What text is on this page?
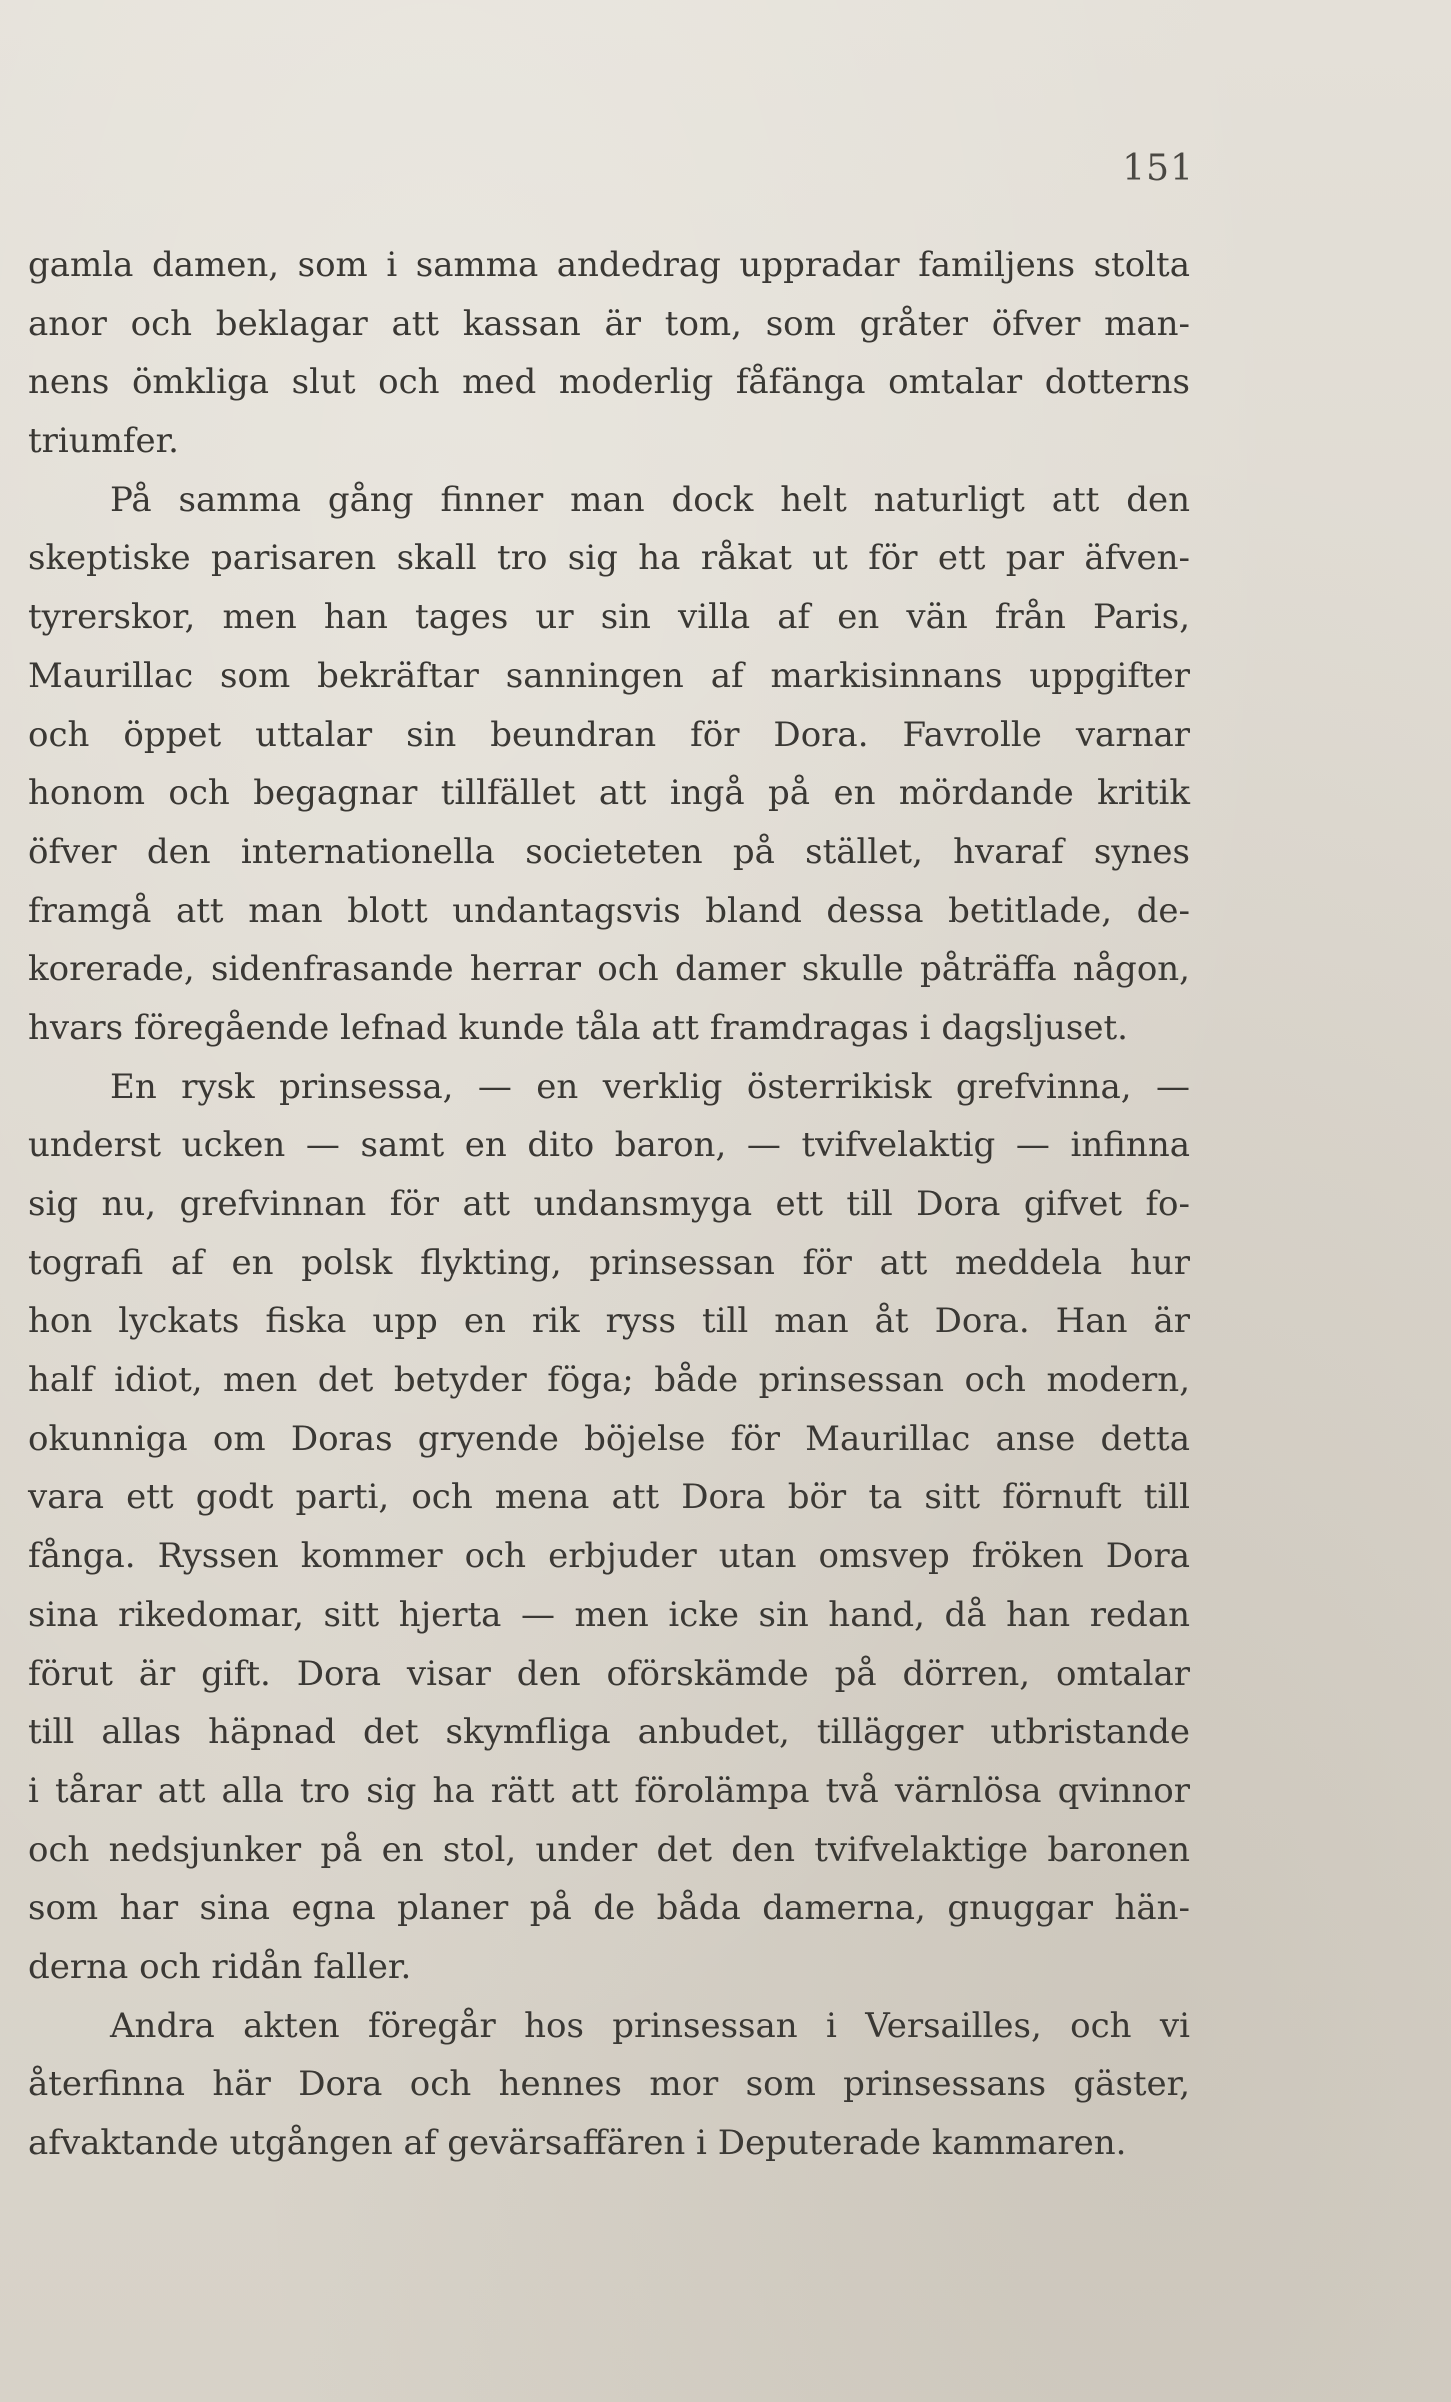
151
gamla damen, som i samma andedrag uppradar familjens stolta
anor och beklagar att kassan är tom, som gråter öfver man-
nens ömkliga slut och med moderlig fåfänga omtalar dotterns
triumfer.
På samma gång finner man dock helt naturligt att den
skeptiske parisaren skall tro sig ha råkat ut för ett par äfven-
tyrerskor, men han tages ur sin villa af en vän från Paris,
Maurillac som bekräftar sanningen af markisinnans uppgifter
och öppet uttalar sin beundran för Dora. Favrolle varnar
honom och begagnar tillfället att ingå på en mördande kritik
öfver den internationella societeten på stället, hvaraf synes
framgå att man blott undantagsvis bland dessa betitlade, de-
korerade, sidenfrasande herrar och damer skulle påträffa någon,
hvars föregående lefnad kunde tåla att framdragas i dagsljuset.
En rysk prinsessa, — en verklig österrikisk grefvinna, —
underst ucken — samt en dito baron, — tvifvelaktig — infinna
sig nu, grefvinnan för att undansmyga ett till Dora gifvet fo-
tografi af en polsk flykting, prinsessan för att meddela hur
hon lyckats fiska upp en rik ryss till man åt Dora. Han är
half idiot, men det betyder föga; både prinsessan och modern,
okunniga om Doras gryende böjelse för Maurillac anse detta
vara ett godt parti, och mena att Dora bör ta sitt förnuft till
fånga. Ryssen kommer och erbjuder utan omsvep fröken Dora
sina rikedomar, sitt hjerta — men icke sin hand, då han redan
förut är gift. Dora visar den oförskämde på dörren, omtalar
till allas häpnad det skymfliga anbudet, tillägger utbristande
i tårar att alla tro sig ha rätt att förolämpa två värnlösa qvinnor
och nedsjunker på en stol, under det den tvifvelaktige baronen
som har sina egna planer på de båda damerna, gnuggar hän-
derna och ridån faller.
Andra akten föregår hos prinsessan i Versailles, och vi
återfinna här Dora och hennes mor som prinsessans gäster,
afvaktande utgången af gevärsaffären i Deputerade kammaren.
